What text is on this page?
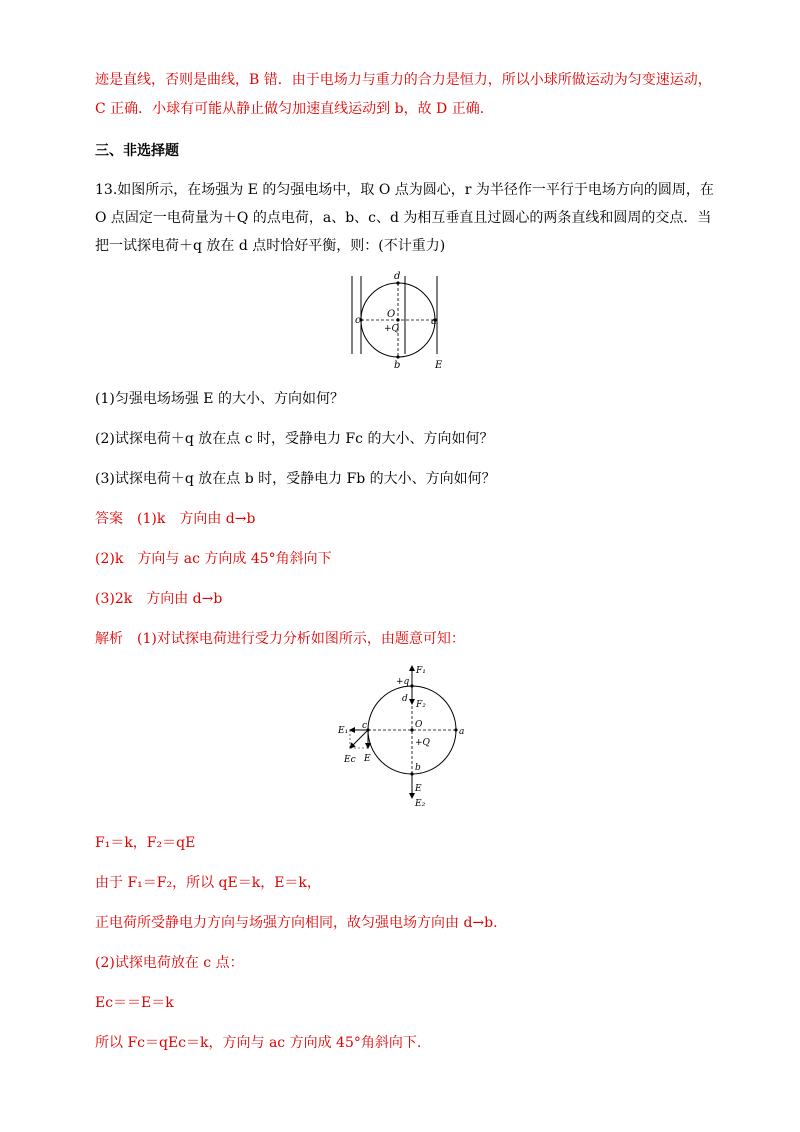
迹是直线，否则是曲线，B 错．由于电场力与重力的合力是恒力，所以小球所做运动为匀变速运动，
C 正确．小球有可能从静止做匀加速直线运动到 b，故 D 正确．
三、非选择题
13.如图所示，在场强为 E 的匀强电场中，取 O 点为圆心，r 为半径作一平行于电场方向的圆周，在
O 点固定一电荷量为＋Q 的点电荷，a、b、c、d 为相互垂直且过圆心的两条直线和圆周的交点．当
把一试探电荷＋q 放在 d 点时恰好平衡，则：(不计重力)
d
O
+Q
c	a
b	E
(1)匀强电场场强 E 的大小、方向如何？
(2)试探电荷＋q 放在点 c 时，受静电力 Fc 的大小、方向如何？
(3)试探电荷＋q 放在点 b 时，受静电力 Fb 的大小、方向如何？
答案　(1)k　方向由 d→b
(2)k　方向与 ac 方向成 45°角斜向下
(3)2k　方向由 d→b
解析　(1)对试探电荷进行受力分析如图所示，由题意可知：
F₁
+q
d
F₂
c	O
a
E₁
+Q
Ec E
b
E
E₂
F₁＝k，F₂＝qE
由于 F₁＝F₂，所以 qE＝k，E＝k，
正电荷所受静电力方向与场强方向相同，故匀强电场方向由 d→b.
(2)试探电荷放在 c 点：
Ec＝＝E＝k
所以 Fc＝qEc＝k，方向与 ac 方向成 45°角斜向下.
